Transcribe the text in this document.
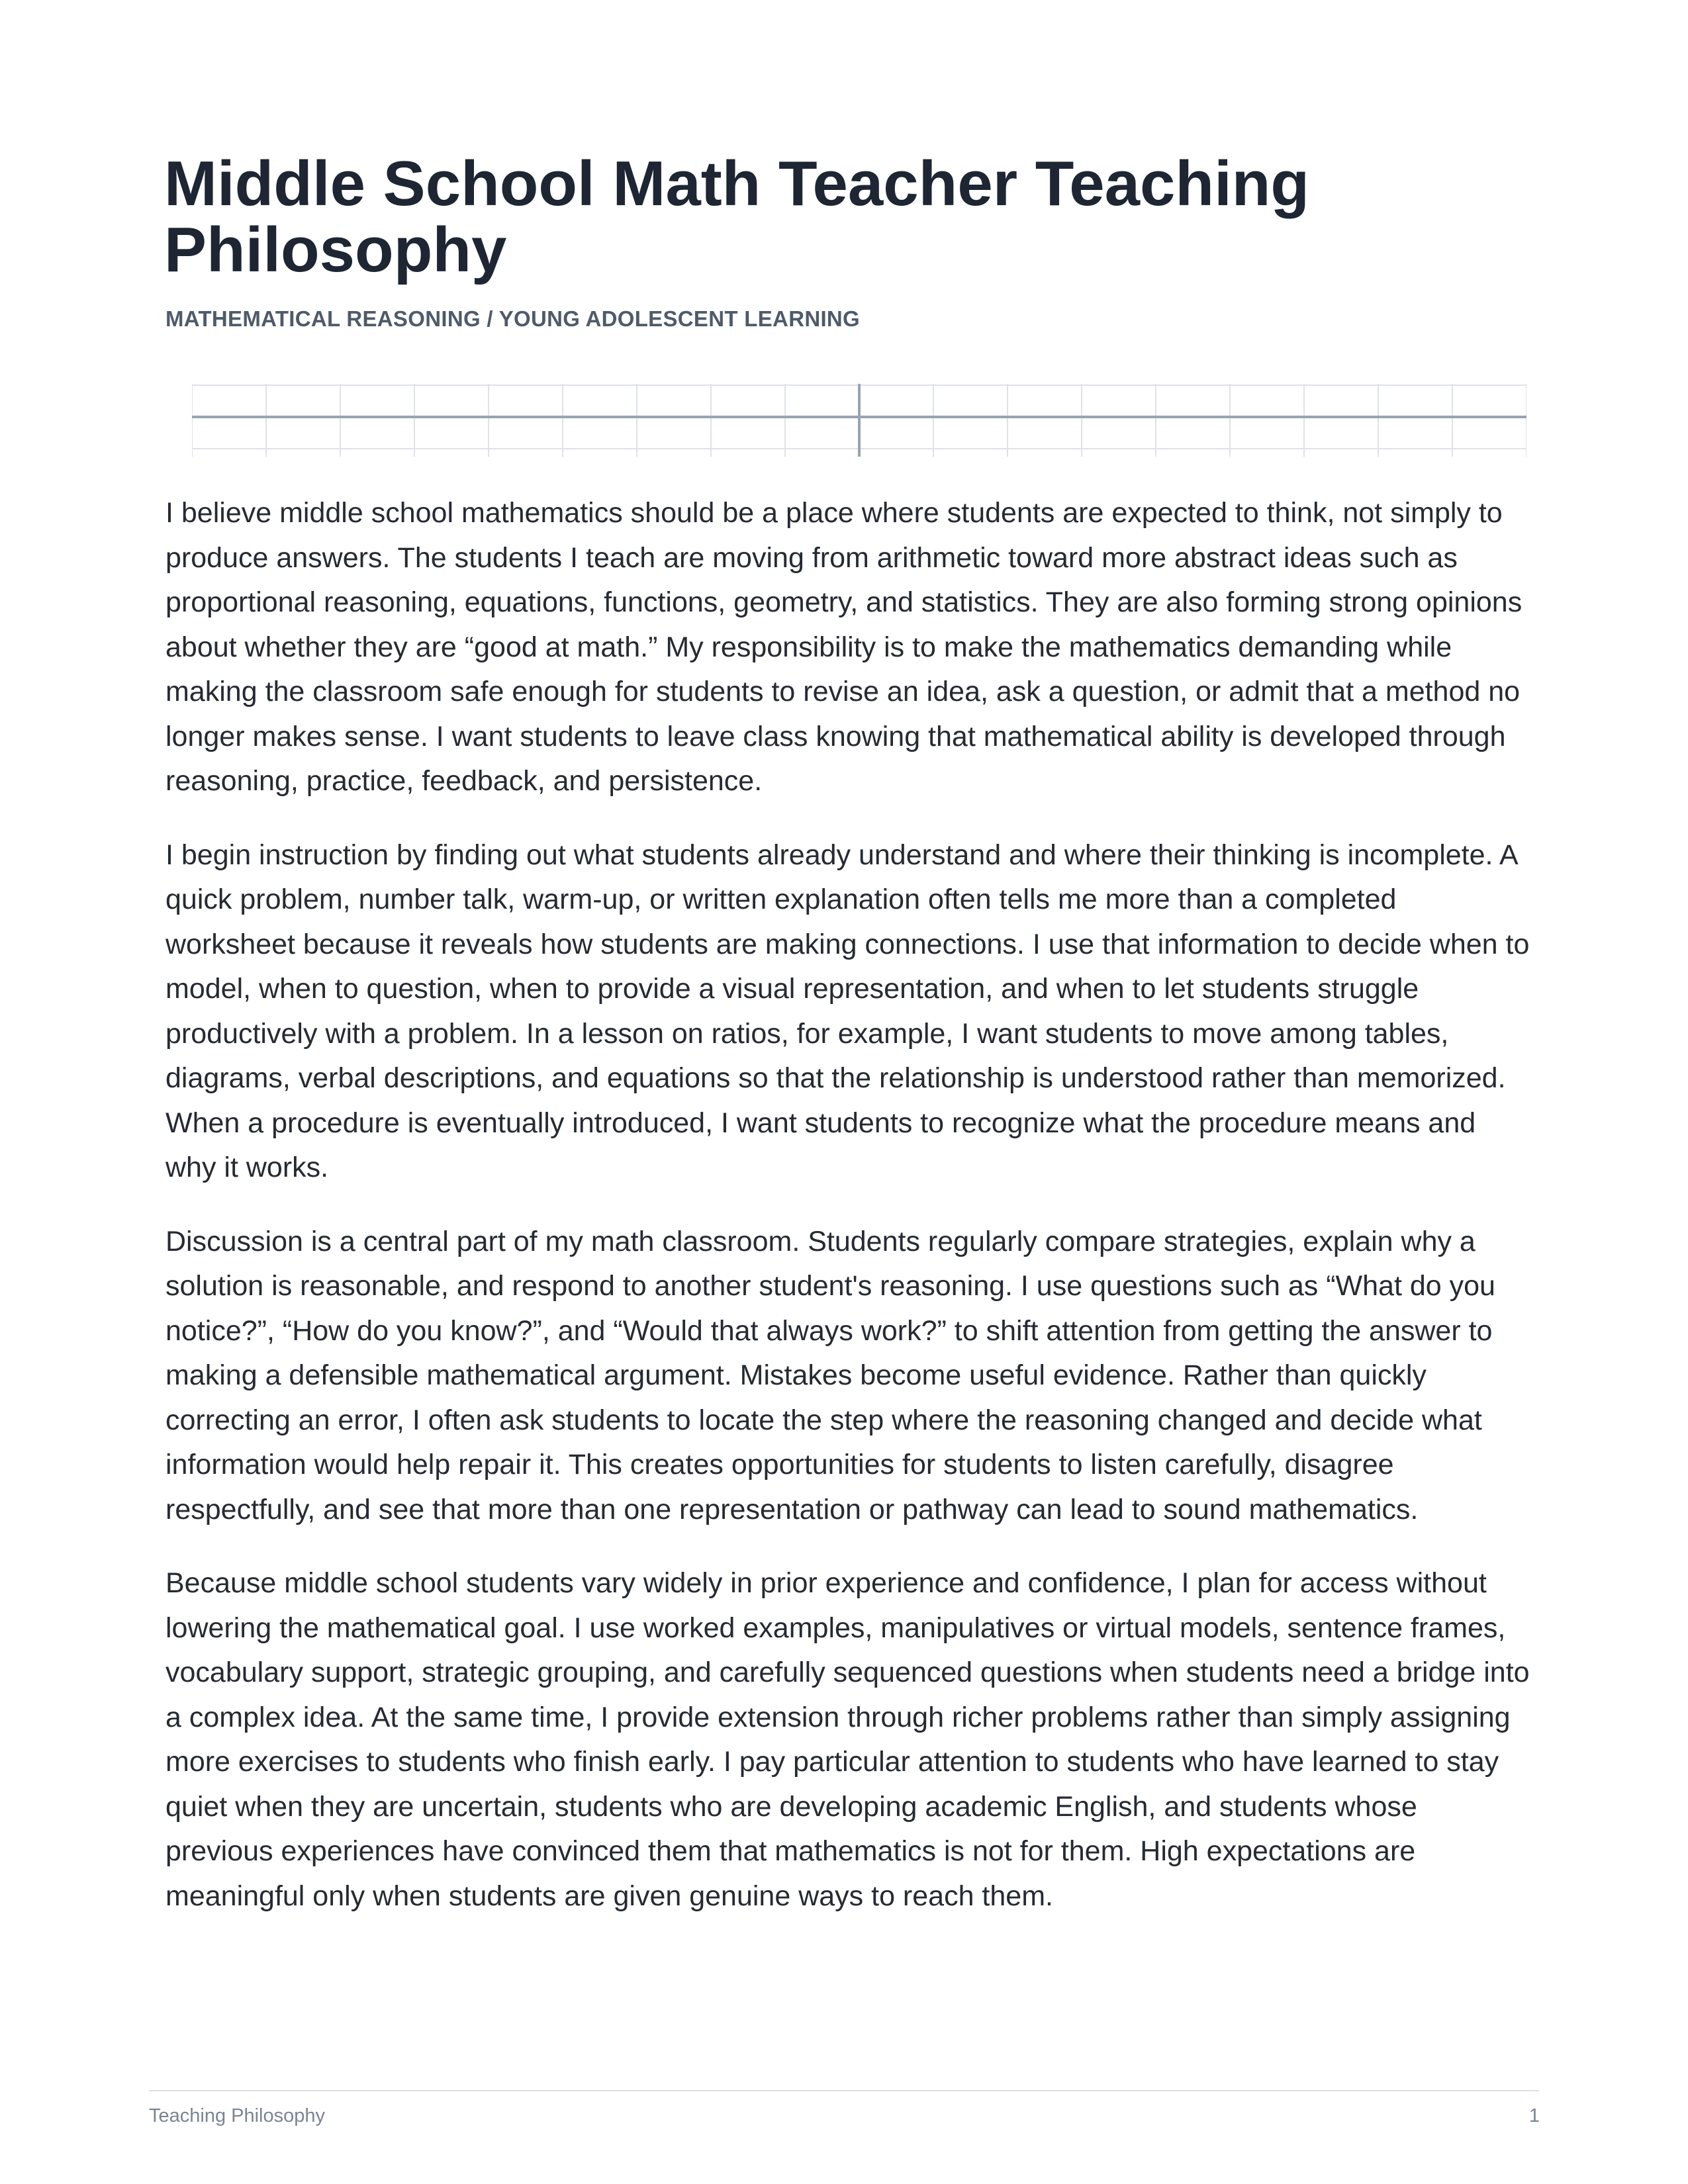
Middle School Math Teacher Teaching Philosophy

MATHEMATICAL REASONING / YOUNG ADOLESCENT LEARNING

I believe middle school mathematics should be a place where students are expected to think, not simply to produce answers. The students I teach are moving from arithmetic toward more abstract ideas such as proportional reasoning, equations, functions, geometry, and statistics. They are also forming strong opinions about whether they are “good at math.” My responsibility is to make the mathematics demanding while making the classroom safe enough for students to revise an idea, ask a question, or admit that a method no longer makes sense. I want students to leave class knowing that mathematical ability is developed through reasoning, practice, feedback, and persistence.

I begin instruction by finding out what students already understand and where their thinking is incomplete. A quick problem, number talk, warm-up, or written explanation often tells me more than a completed worksheet because it reveals how students are making connections. I use that information to decide when to model, when to question, when to provide a visual representation, and when to let students struggle productively with a problem. In a lesson on ratios, for example, I want students to move among tables, diagrams, verbal descriptions, and equations so that the relationship is understood rather than memorized. When a procedure is eventually introduced, I want students to recognize what the procedure means and why it works.

Discussion is a central part of my math classroom. Students regularly compare strategies, explain why a solution is reasonable, and respond to another student's reasoning. I use questions such as “What do you notice?”, “How do you know?”, and “Would that always work?” to shift attention from getting the answer to making a defensible mathematical argument. Mistakes become useful evidence. Rather than quickly correcting an error, I often ask students to locate the step where the reasoning changed and decide what information would help repair it. This creates opportunities for students to listen carefully, disagree respectfully, and see that more than one representation or pathway can lead to sound mathematics.

Because middle school students vary widely in prior experience and confidence, I plan for access without lowering the mathematical goal. I use worked examples, manipulatives or virtual models, sentence frames, vocabulary support, strategic grouping, and carefully sequenced questions when students need a bridge into a complex idea. At the same time, I provide extension through richer problems rather than simply assigning more exercises to students who finish early. I pay particular attention to students who have learned to stay quiet when they are uncertain, students who are developing academic English, and students whose previous experiences have convinced them that mathematics is not for them. High expectations are meaningful only when students are given genuine ways to reach them.

Teaching Philosophy	1
